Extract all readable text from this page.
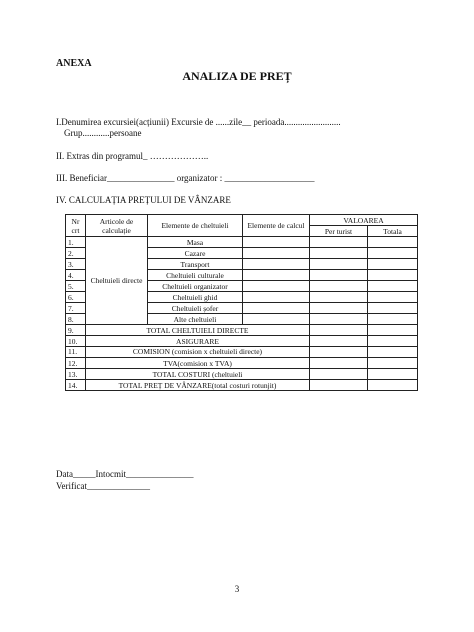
ANEXA
ANALIZA DE PREȚ
I.Denumirea excursiei(acțiunii) Excursie de ......zile__ perioada.........................
Grup............persoane
II. Extras din programul_ ………………..
III. Beneficiar_______________ organizator : ____________________
IV. CALCULAȚIA PREȚULUI DE VÂNZARE
Nr crt	Articole de calculație	Elemente de cheltuieli	Elemente de calcul	VALOAREA	
				Per turist	Totala
1.	Cheltuieli directe	Masa			
2.		Cazare			
3.		Transport			
4.		Cheltuieli culturale			
5.		Cheltuieli organizator			
6.		Cheltuieli ghid			
7.		Cheltuieli șofer			
8.		Alte cheltuieli			
9.	TOTAL CHELTUIELI DIRECTE				
10.	ASIGURARE				
11.	COMISION (comision x cheltuieli directe)				
12.	TVA(comision x TVA)				
13.	TOTAL COSTURI (cheltuieli				
14.	TOTAL PREȚ DE VÂNZARE(total costuri rotunjit)				
Data_____Intocmit_______________
Verificat______________
3
